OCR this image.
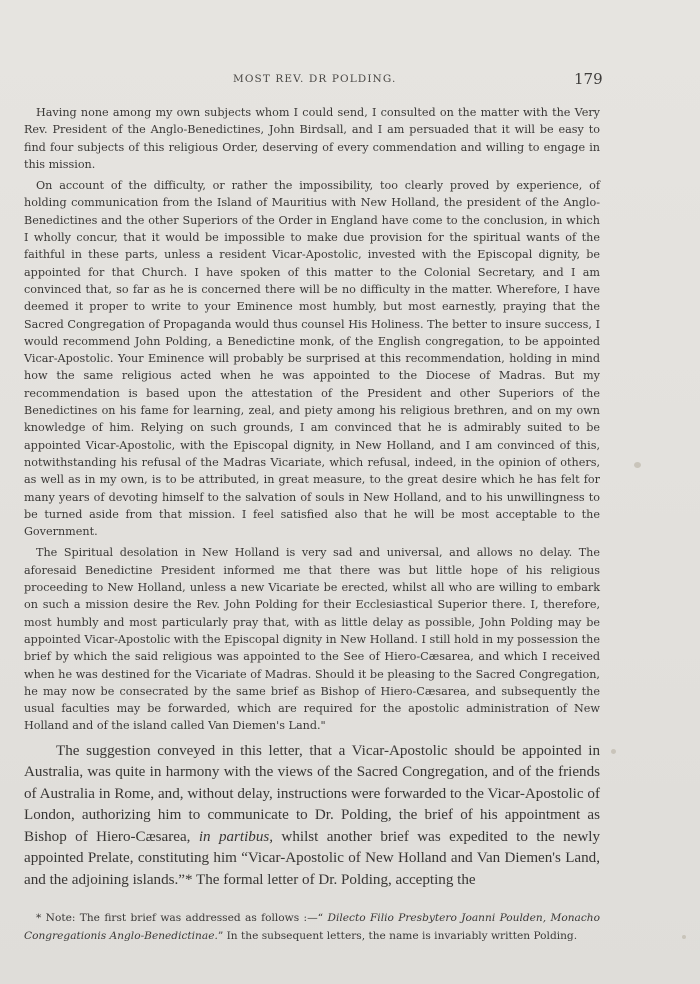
MOST REV. DR POLDING.	179

Having none among my own subjects whom I could send, I consulted on the matter with the Very Rev. President of the Anglo-Benedictines, John Birdsall, and I am persuaded that it will be easy to find four subjects of this religious Order, deserving of every commendation and willing to engage in this mission.

On account of the difficulty, or rather the impossibility, too clearly proved by experience, of holding communication from the Island of Mauritius with New Holland, the president of the Anglo-Benedictines and the other Superiors of the Order in England have come to the conclusion, in which I wholly concur, that it would be impossible to make due provision for the spiritual wants of the faithful in these parts, unless a resident Vicar-Apostolic, invested with the Episcopal dignity, be appointed for that Church. I have spoken of this matter to the Colonial Secretary, and I am convinced that, so far as he is concerned there will be no difficulty in the matter. Wherefore, I have deemed it proper to write to your Eminence most humbly, but most earnestly, praying that the Sacred Congregation of Propaganda would thus counsel His Holiness. The better to insure success, I would recommend John Polding, a Benedictine monk, of the English congregation, to be appointed Vicar-Apostolic. Your Eminence will probably be surprised at this recommendation, holding in mind how the same religious acted when he was appointed to the Diocese of Madras. But my recommendation is based upon the attestation of the President and other Superiors of the Benedictines on his fame for learning, zeal, and piety among his religious brethren, and on my own knowledge of him. Relying on such grounds, I am convinced that he is admirably suited to be appointed Vicar-Apostolic, with the Episcopal dignity, in New Holland, and I am convinced of this, notwithstanding his refusal of the Madras Vicariate, which refusal, indeed, in the opinion of others, as well as in my own, is to be attributed, in great measure, to the great desire which he has felt for many years of devoting himself to the salvation of souls in New Holland, and to his unwillingness to be turned aside from that mission. I feel satisfied also that he will be most acceptable to the Government.

The Spiritual desolation in New Holland is very sad and universal, and allows no delay. The aforesaid Benedictine President informed me that there was but little hope of his religious proceeding to New Holland, unless a new Vicariate be erected, whilst all who are willing to embark on such a mission desire the Rev. John Polding for their Ecclesiastical Superior there. I, therefore, most humbly and most particularly pray that, with as little delay as possible, John Polding may be appointed Vicar-Apostolic with the Episcopal dignity in New Holland. I still hold in my possession the brief by which the said religious was appointed to the See of Hiero-Cæsarea, and which I received when he was destined for the Vicariate of Madras. Should it be pleasing to the Sacred Congregation, he may now be consecrated by the same brief as Bishop of Hiero-Cæsarea, and subsequently the usual faculties may be forwarded, which are required for the apostolic administration of New Holland and of the island called Van Diemen's Land."

The suggestion conveyed in this letter, that a Vicar-Apostolic should be appointed in Australia, was quite in harmony with the views of the Sacred Congregation, and of the friends of Australia in Rome, and, without delay, instructions were forwarded to the Vicar-Apostolic of London, authorizing him to communicate to Dr. Polding, the brief of his appointment as Bishop of Hiero-Cæsarea, in partibus, whilst another brief was expedited to the newly appointed Prelate, constituting him “Vicar-Apostolic of New Holland and Van Diemen's Land, and the adjoining islands.”* The formal letter of Dr. Polding, accepting the

* Note: The first brief was addressed as follows :—“ Dilecto Filio Presbytero Joanni Poulden, Monacho Congregationis Anglo-Benedictinae.” In the subsequent letters, the name is invariably written Polding.
